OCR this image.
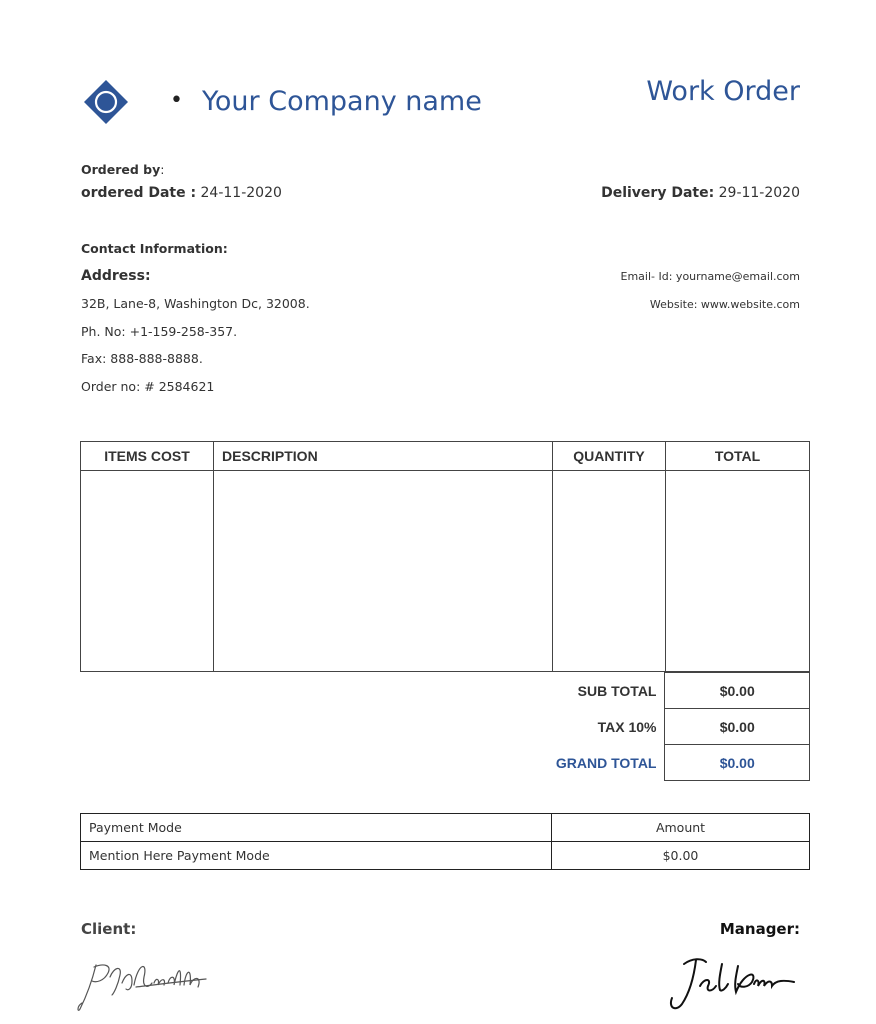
• Your Company name	Work Order
Ordered by:
ordered Date : 24-11-2020	Delivery Date: 29-11-2020
Contact Information:
Address:
32B, Lane-8, Washington Dc, 32008.
Ph. No: +1-159-258-357.
Fax: 888-888-8888.
Order no: # 2584621
Email- Id: yourname@email.com
Website: www.website.com
ITEMS COST	DESCRIPTION	QUANTITY	TOTAL

SUB TOTAL	$0.00
TAX 10%	$0.00
GRAND TOTAL	$0.00
Payment Mode	Amount
Mention Here Payment Mode	$0.00
Client:	Manager:
